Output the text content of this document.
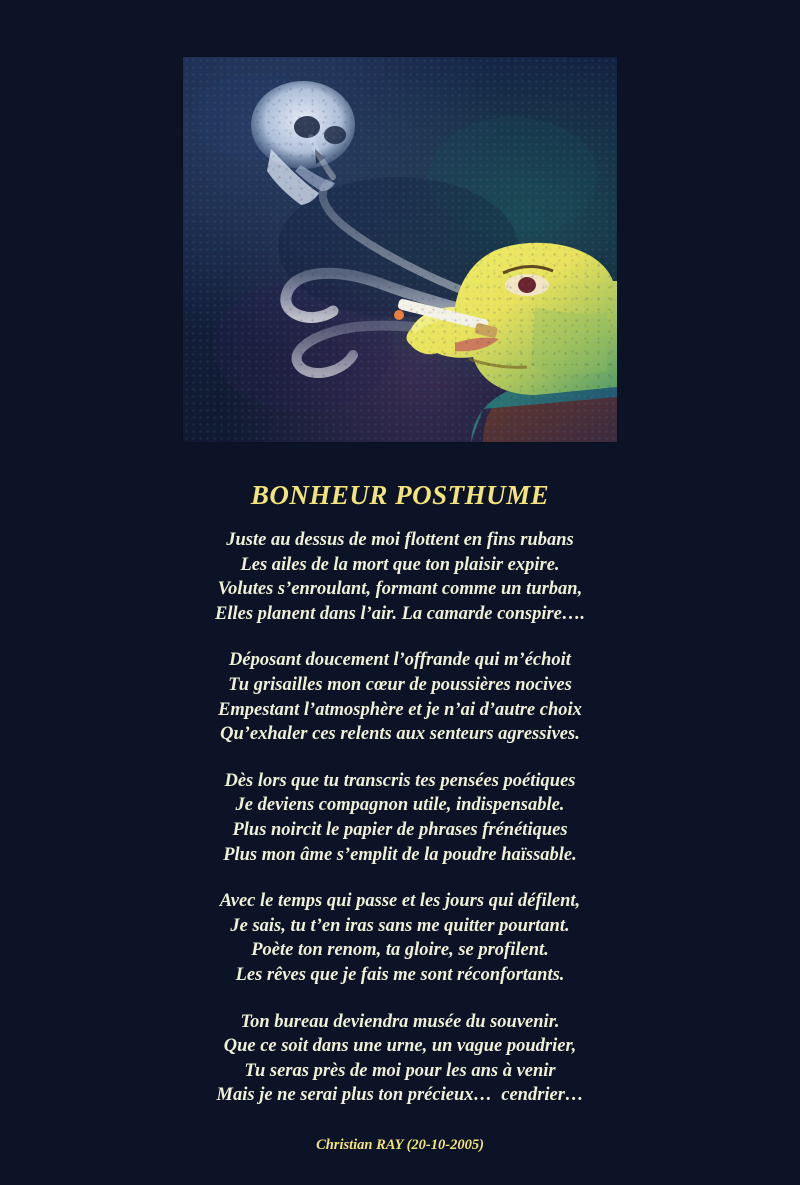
BONHEUR POSTHUME
Juste au dessus de moi flottent en fins rubans
Les ailes de la mort que ton plaisir expire.
Volutes s’enroulant, formant comme un turban,
Elles planent dans l’air. La camarde conspire….
Déposant doucement l’offrande qui m’échoit
Tu grisailles mon cœur de poussières nocives
Empestant l’atmosphère et je n’ai d’autre choix
Qu’exhaler ces relents aux senteurs agressives.
Dès lors que tu transcris tes pensées poétiques
Je deviens compagnon utile, indispensable.
Plus noircit le papier de phrases frénétiques
Plus mon âme s’emplit de la poudre haïssable.
Avec le temps qui passe et les jours qui défilent,
Je sais, tu t’en iras sans me quitter pourtant.
Poète ton renom, ta gloire, se profilent.
Les rêves que je fais me sont réconfortants.
Ton bureau deviendra musée du souvenir.
Que ce soit dans une urne, un vague poudrier,
Tu seras près de moi pour les ans à venir
Mais je ne serai plus ton précieux…  cendrier…
Christian RAY (20-10-2005)
